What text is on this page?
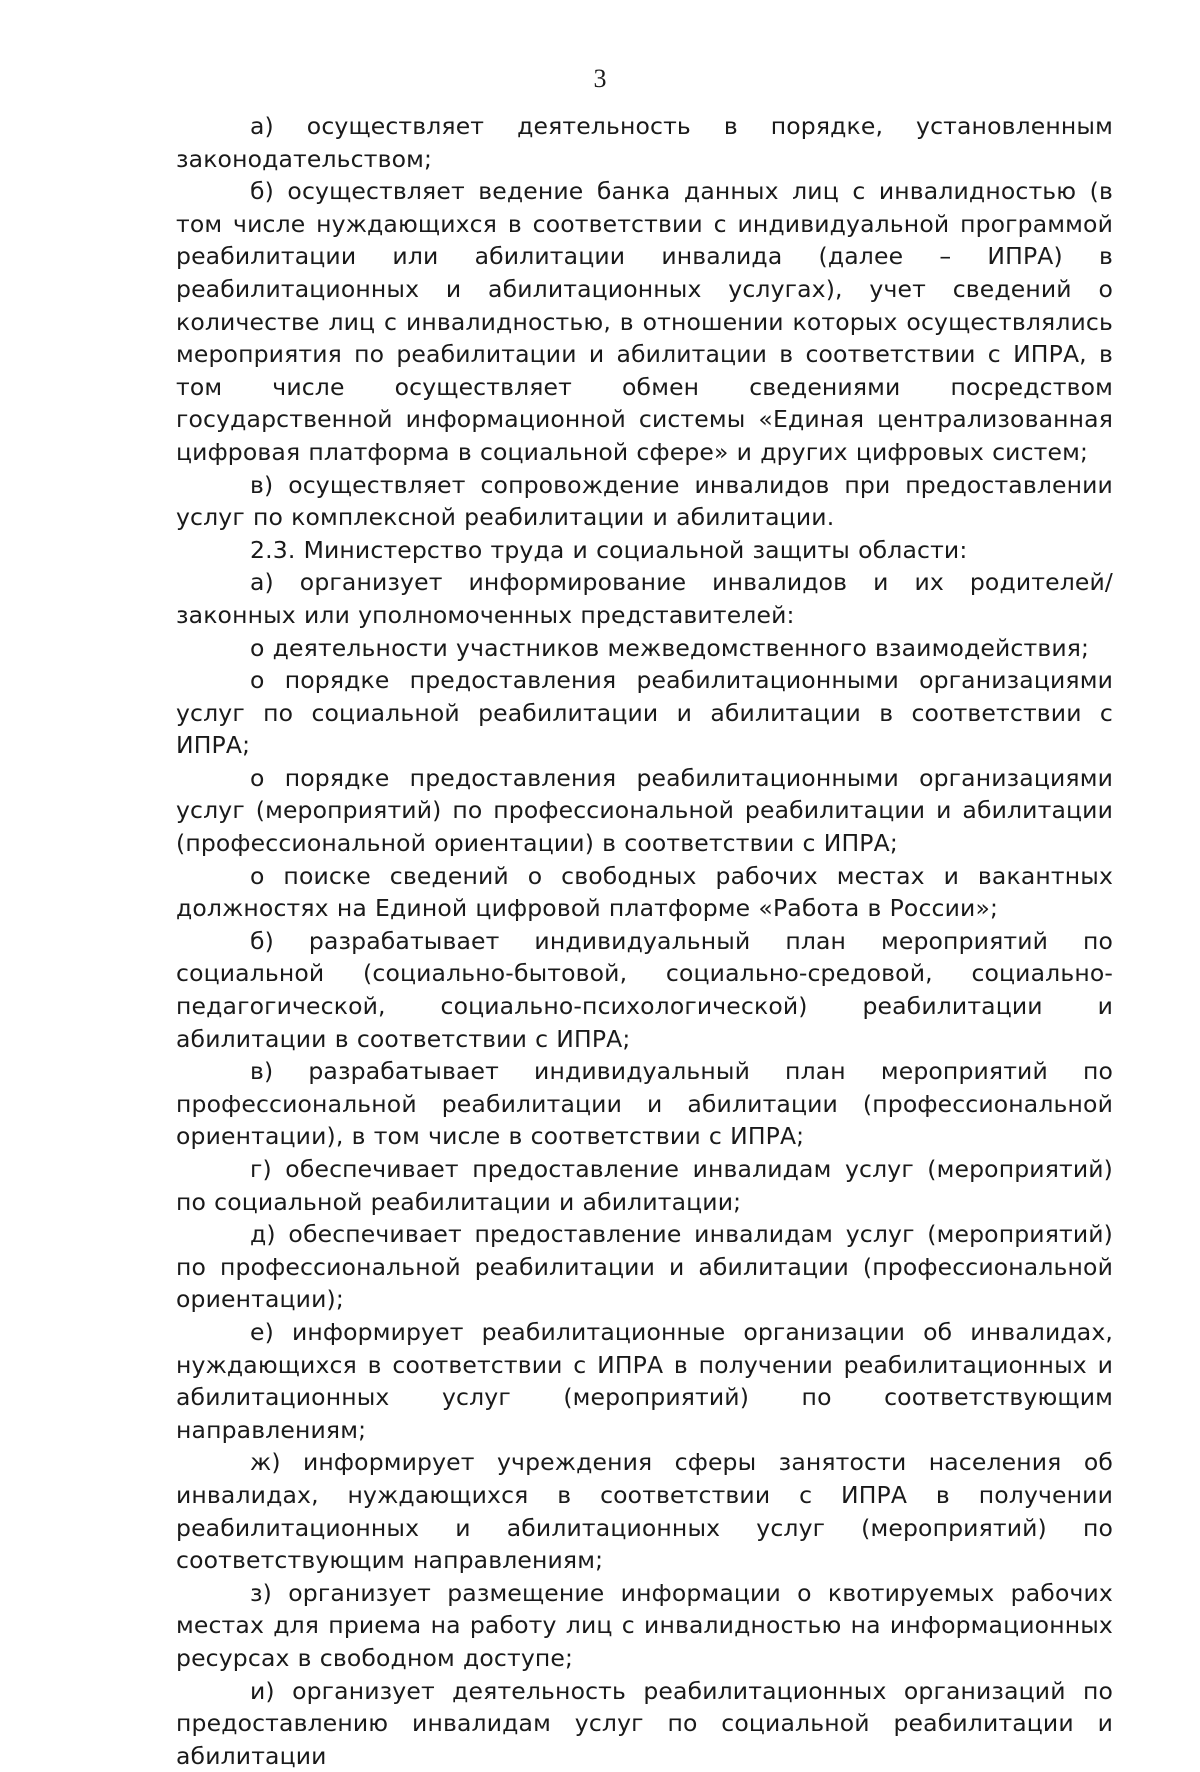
3

а) осуществляет деятельность в порядке, установленным законодательством;

б) осуществляет ведение банка данных лиц с инвалидностью (в том числе нуждающихся в соответствии с индивидуальной программой реабилитации или абилитации инвалида (далее – ИПРА) в реабилитационных и абилитационных услугах), учет сведений о количестве лиц с инвалидностью, в отношении которых осуществлялись мероприятия по реабилитации и абилитации в соответствии с ИПРА, в том числе осуществляет обмен сведениями посредством государственной информационной системы «Единая централизованная цифровая платформа в социальной сфере» и других цифровых систем;

в) осуществляет сопровождение инвалидов при предоставлении услуг по комплексной реабилитации и абилитации.

2.3. Министерство труда и социальной защиты области:

а) организует информирование инвалидов и их родителей/законных или уполномоченных представителей:

о деятельности участников межведомственного взаимодействия;

о порядке предоставления реабилитационными организациями услуг по социальной реабилитации и абилитации в соответствии с ИПРА;

о порядке предоставления реабилитационными организациями услуг (мероприятий) по профессиональной реабилитации и абилитации (профессиональной ориентации) в соответствии с ИПРА;

о поиске сведений о свободных рабочих местах и вакантных должностях на Единой цифровой платформе «Работа в России»;

б) разрабатывает индивидуальный план мероприятий по социальной (социально-бытовой, социально-средовой, социально-педагогической, социально-психологической) реабилитации и абилитации в соответствии с ИПРА;

в) разрабатывает индивидуальный план мероприятий по профессиональной реабилитации и абилитации (профессиональной ориентации), в том числе в соответствии с ИПРА;

г) обеспечивает предоставление инвалидам услуг (мероприятий) по социальной реабилитации и абилитации;

д) обеспечивает предоставление инвалидам услуг (мероприятий) по профессиональной реабилитации и абилитации (профессиональной ориентации);

е) информирует реабилитационные организации об инвалидах, нуждающихся в соответствии с ИПРА в получении реабилитационных и абилитационных услуг (мероприятий) по соответствующим направлениям;

ж) информирует учреждения сферы занятости населения об инвалидах, нуждающихся в соответствии с ИПРА в получении реабилитационных и абилитационных услуг (мероприятий) по соответствующим направлениям;

з) организует размещение информации о квотируемых рабочих местах для приема на работу лиц с инвалидностью на информационных ресурсах в свободном доступе;

и) организует деятельность реабилитационных организаций по предоставлению инвалидам услуг по социальной реабилитации и абилитации
